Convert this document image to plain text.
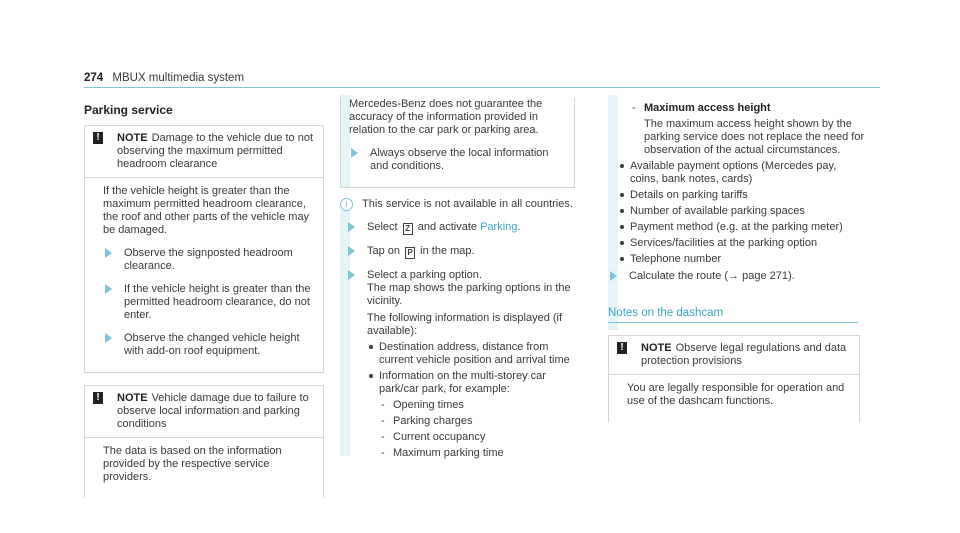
274 MBUX multimedia system
Parking service
!	NOTE Damage to the vehicle due to not observing the maximum permitted headroom clearance

If the vehicle height is greater than the maximum permitted headroom clearance, the roof and other parts of the vehicle may be damaged.

Observe the signposted headroom clearance.
If the vehicle height is greater than the permitted headroom clearance, do not enter.
Observe the changed vehicle height with add-on roof equipment.
!	NOTE Vehicle damage due to failure to observe local information and parking conditions

The data is based on the information provided by the respective service providers.

Mercedes-Benz does not guarantee the accuracy of the information provided in relation to the car park or parking area.

Always observe the local information and conditions.
i	This service is not available in all countries.
Select Z and activate Parking.
Tap on P in the map.
Select a parking option.

The map shows the parking options in the vicinity.

The following information is displayed (if available):

Destination address, distance from current vehicle position and arrival time
Information on the multi-storey car park/car park, for example:
- Opening times
- Parking charges
- Current occupancy
- Maximum parking time
- Maximum access height
The maximum access height shown by the parking service does not replace the need for observation of the actual circumstances.
Available payment options (Mercedes pay, coins, bank notes, cards)
Details on parking tariffs
Number of available parking spaces
Payment method (e.g. at the parking meter)
Services/facilities at the parking option
Telephone number
Calculate the route (→ page 271).
Notes on the dashcam
!	NOTE Observe legal regulations and data protection provisions

You are legally responsible for operation and use of the dashcam functions.
